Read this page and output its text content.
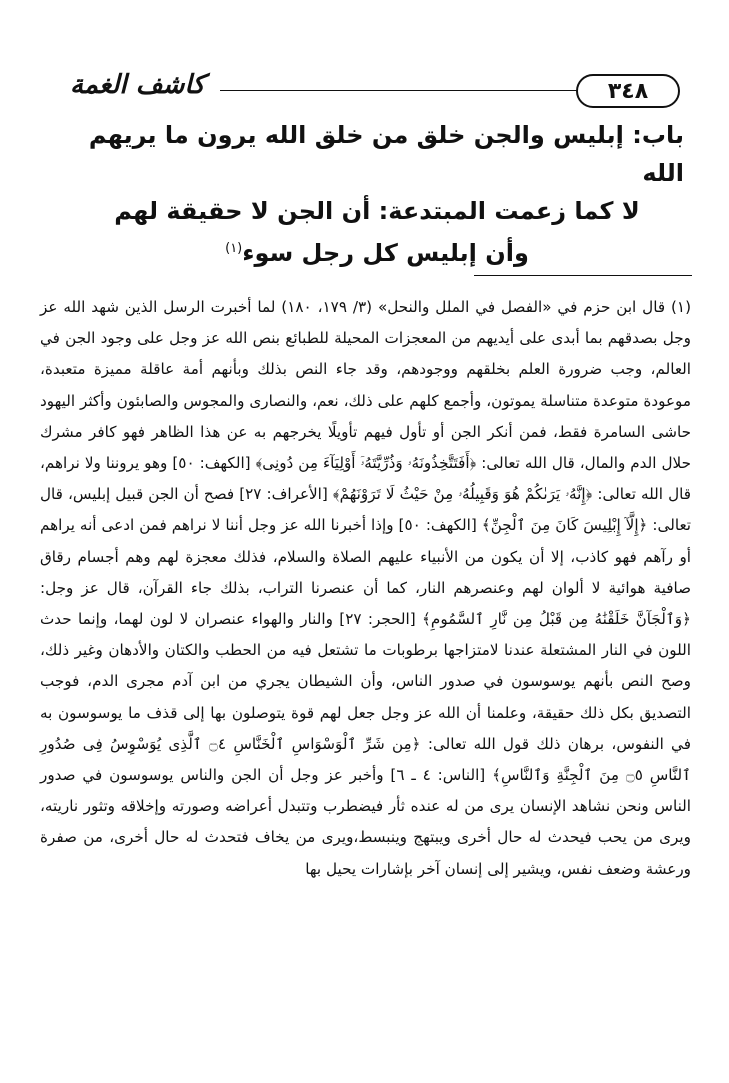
٣٤٨
كاشف الغمة
باب: إبليس والجن خلق من خلق الله يرون ما يريهم الله
لا كما زعمت المبتدعة: أن الجن لا حقيقة لهم
وأن إبليس كل رجل سوء$^{(١)}$

(١) قال ابن حزم في «الفصل في الملل والنحل» (٣/ ١٧٩، ١٨٠) لما أخبرت الرسل الذين شهد الله عز وجل بصدقهم بما أبدى على أيديهم من المعجزات المحيلة للطبائع بنص الله عز وجل على وجود الجن في العالم، وجب ضرورة العلم بخلقهم ووجودهم، وقد جاء النص بذلك وبأنهم أمة عاقلة مميزة متعبدة، موعودة متوعدة متناسلة يموتون، وأجمع كلهم على ذلك، نعم، والنصارى والمجوس والصابئون وأكثر اليهود حاشى السامرة فقط، فمن أنكر الجن أو تأول فيهم تأويلًا يخرجهم به عن هذا الظاهر فهو كافر مشرك حلال الدم والمال، قال الله تعالى: ﴿أَفَتَتَّخِذُونَهُۥ وَذُرِّيَّتَهُۥٓ أَوْلِيَآءَ مِن دُونِى﴾ [الكهف: ٥٠] وهو يروننا ولا نراهم، قال الله تعالى: ﴿إِنَّهُۥ يَرَىٰكُمْ هُوَ وَقَبِيلُهُۥ مِنْ حَيْثُ لَا تَرَوْنَهُمْ﴾ [الأعراف: ٢٧] فصح أن الجن قبيل إبليس، قال تعالى: ﴿إِلَّآ إِبْلِيسَ كَانَ مِنَ ٱلْجِنِّ﴾ [الكهف: ٥٠] وإذا أخبرنا الله عز وجل أننا لا نراهم فمن ادعى أنه يراهم أو رآهم فهو كاذب، إلا أن يكون من الأنبياء عليهم الصلاة والسلام، فذلك معجزة لهم وهم أجسام رقاق صافية هوائية لا ألوان لهم وعنصرهم النار، كما أن عنصرنا التراب، بذلك جاء القرآن، قال عز وجل: ﴿وَٱلْجَآنَّ خَلَقْنَٰهُ مِن قَبْلُ مِن نَّارِ ٱلسَّمُومِ﴾ [الحجر: ٢٧] والنار والهواء عنصران لا لون لهما، وإنما حدث اللون في النار المشتعلة عندنا لامتزاجها برطوبات ما تشتعل فيه من الحطب والكتان والأدهان وغير ذلك، وصح النص بأنهم يوسوسون في صدور الناس، وأن الشيطان يجري من ابن آدم مجرى الدم، فوجب التصديق بكل ذلك حقيقة، وعلمنا أن الله عز وجل جعل لهم قوة يتوصلون بها إلى قذف ما يوسوسون به في النفوس، برهان ذلك قول الله تعالى: ﴿مِن شَرِّ ٱلْوَسْوَاسِ ٱلْخَنَّاسِ ۝٤ ٱلَّذِى يُوَسْوِسُ فِى صُدُورِ ٱلنَّاسِ ۝٥ مِنَ ٱلْجِنَّةِ وَٱلنَّاسِ﴾ [الناس: ٤ ـ ٦] وأخبر عز وجل أن الجن والناس يوسوسون في صدور الناس ونحن نشاهد الإنسان يرى من له عنده ثأر فيضطرب وتتبدل أعراضه وصورته وإخلاقه وتثور ناريته، ويرى من يحب فيحدث له حال أخرى ويبتهج وينبسط،ويرى من يخاف فتحدث له حال أخرى، من صفرة ورعشة وضعف نفس، ويشير إلى إنسان آخر بإشارات يحيل بها
